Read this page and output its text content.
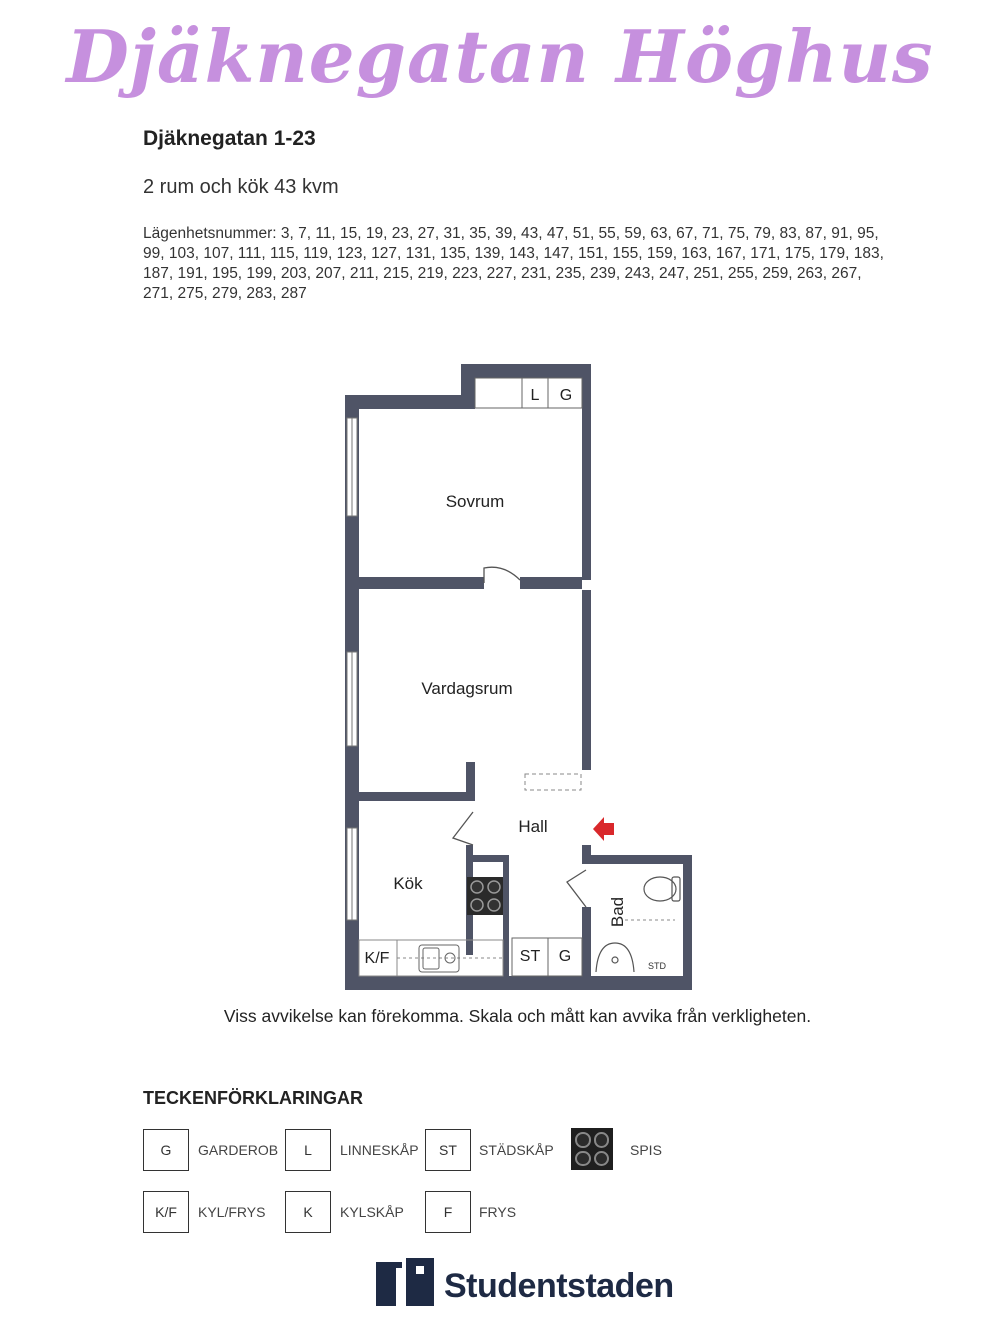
Djäknegatan Höghus
Djäknegatan 1-23
2 rum och kök 43 kvm
Lägenhetsnummer: 3, 7, 11, 15, 19, 23, 27, 31, 35, 39, 43, 47, 51, 55, 59, 63, 67, 71, 75, 79, 83, 87, 91, 95, 99, 103, 107, 111, 115, 119, 123, 127, 131, 135, 139, 143, 147, 151, 155, 159, 163, 167, 171, 175, 179, 183, 187, 191, 195, 199, 203, 207, 211, 215, 219, 223, 227, 231, 235, 239, 243, 247, 251, 255, 259, 263, 267, 271, 275, 279, 283, 287
L G
ST G
K/F	STD
Sovrum
Vardagsrum
Hall
Kök
Bad
Viss avvikelse kan förekomma. Skala och mått kan avvika från verkligheten.
TECKENFÖRKLARINGAR
G	GARDEROB	L	LINNESKÅP	ST	STÄDSKÅP	SPIS
K/F	KYL/FRYS	K	KYLSKÅP	F	FRYS
Studentstaden
